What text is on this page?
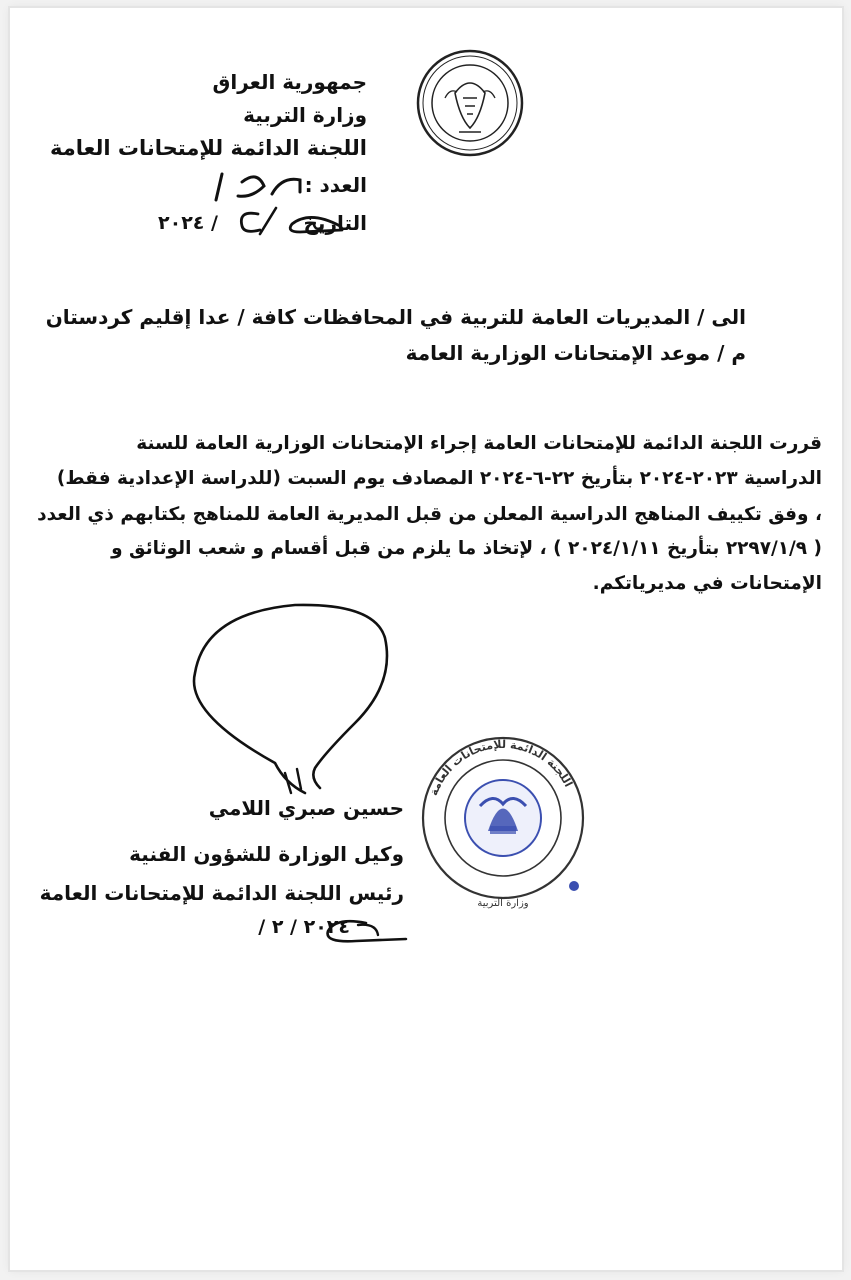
جمهورية العراق
وزارة التربية
اللجنة الدائمة للإمتحانات العامة
العدد :
التاريخ
/ ٢٠٢٤
الى / المديريات العامة للتربية في المحافظات كافة / عدا إقليم كردستان
م / موعد الإمتحانات الوزارية العامة
قررت اللجنة الدائمة للإمتحانات العامة إجراء الإمتحانات الوزارية العامة للسنة
الدراسية ٢٠٢٣-٢٠٢٤ بتأريخ ٢٢-٦-٢٠٢٤ المصادف يوم السبت (للدراسة الإعدادية فقط)
، وفق تكييف المناهج الدراسية المعلن من قبل المديرية العامة للمناهج بكتابهم ذي العدد
( ٢٢٩٧/١/٩ بتأريخ ٢٠٢٤/١/١١ ) ، لإتخاذ ما يلزم من قبل أقسام و شعب الوثائق و
الإمتحانات في مديرياتكم.
اللجنة الدائمة للإمتحانات العامة
وزارة التربية
حسين صبري اللامي
وكيل الوزارة للشؤون الفنية
رئيس اللجنة الدائمة للإمتحانات العامة
٢٠٢٤ / ٢ /
